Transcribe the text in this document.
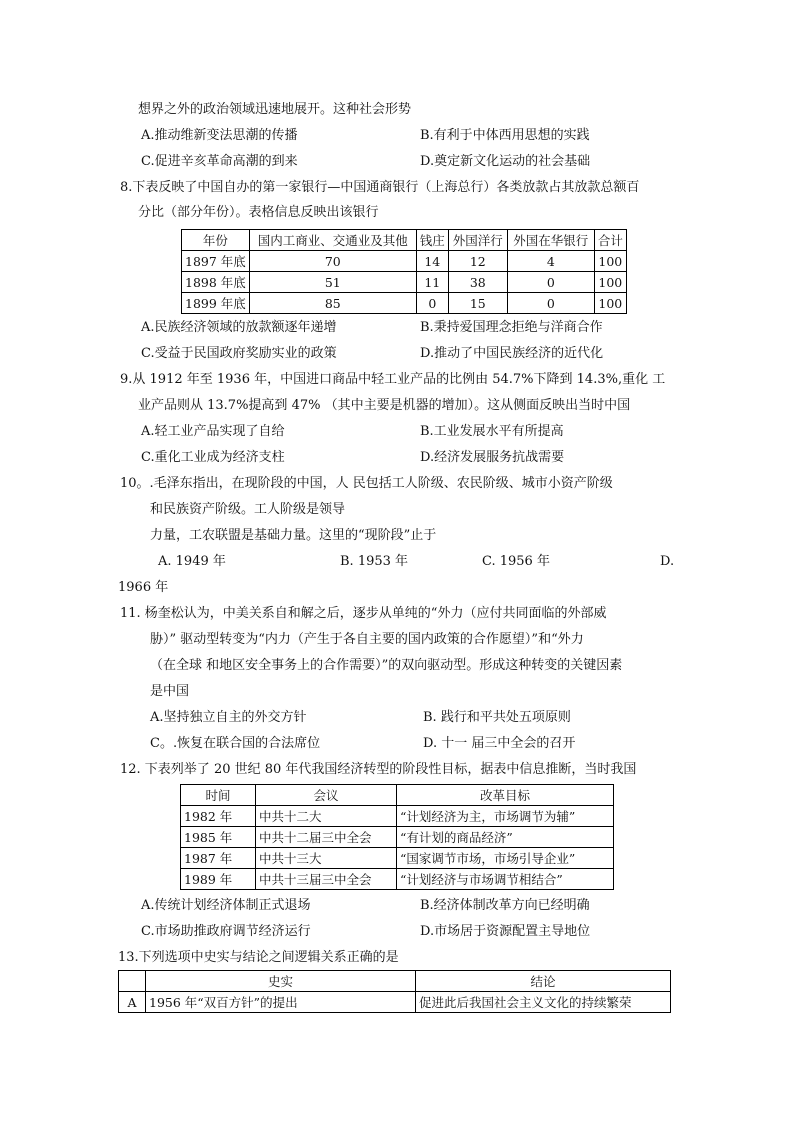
想界之外的政治领域迅速地展开。这种社会形势
A.推动维新变法思潮的传播	B.有利于中体西用思想的实践
C.促进辛亥革命高潮的到来	D.奠定新文化运动的社会基础
8.下表反映了中国自办的第一家银行—中国通商银行（上海总行）各类放款占其放款总额百
分比（部分年份）。表格信息反映出该银行
年份	国内工商业、交通业及其他	钱庄	外国洋行	外国在华银行	合计
1897 年底	70	14	12	4	100
1898 年底	51	11	38	0	100
1899 年底	85	0	15	0	100
A.民族经济领域的放款额逐年递增	B.秉持爱国理念拒绝与洋商合作
C.受益于民国政府奖励实业的政策	D.推动了中国民族经济的近代化
9.从 1912 年至 1936 年，中国进口商品中轻工业产品的比例由 54.7%下降到 14.3%,重化 工
业产品则从 13.7%提高到 47% （其中主要是机器的增加）。这从侧面反映出当时中国
A.轻工业产品实现了自给	B.工业发展水平有所提高
C.重化工业成为经济支柱	D.经济发展服务抗战需要
10。.毛泽东指出，在现阶段的中国，人 民包括工人阶级、农民阶级、城市小资产阶级
和民族资产阶级。工人阶级是领导
力量，工农联盟是基础力量。这里的“现阶段”止于
A. 1949 年	B. 1953 年	C. 1956 年	D.
1966 年
11. 杨奎松认为，中美关系自和解之后，逐步从单纯的“外力（应付共同面临的外部威
胁）” 驱动型转变为“内力（产生于各自主要的国内政策的合作愿望）”和“外力
（在全球 和地区安全事务上的合作需要）”的双向驱动型。形成这种转变的关键因素
是中国
A.坚持独立自主的外交方针	B. 践行和平共处五项原则
C。.恢复在联合国的合法席位	D. 十一 届三中全会的召开
12. 下表列举了 20 世纪 80 年代我国经济转型的阶段性目标，据表中信息推断，当时我国
时间	会议	改革目标
1982 年	中共十二大	“计划经济为主，市场调节为辅”
1985 年	中共十二届三中全会	“有计划的商品经济”
1987 年	中共十三大	“国家调节市场，市场引导企业”
1989 年	中共十三届三中全会	“计划经济与市场调节相结合”
A.传统计划经济体制正式退场	B.经济体制改革方向已经明确
C.市场助推政府调节经济运行	D.市场居于资源配置主导地位
13.下列选项中史实与结论之间逻辑关系正确的是
	史实	结论
A	1956 年“双百方针”的提出	促进此后我国社会主义文化的持续繁荣
